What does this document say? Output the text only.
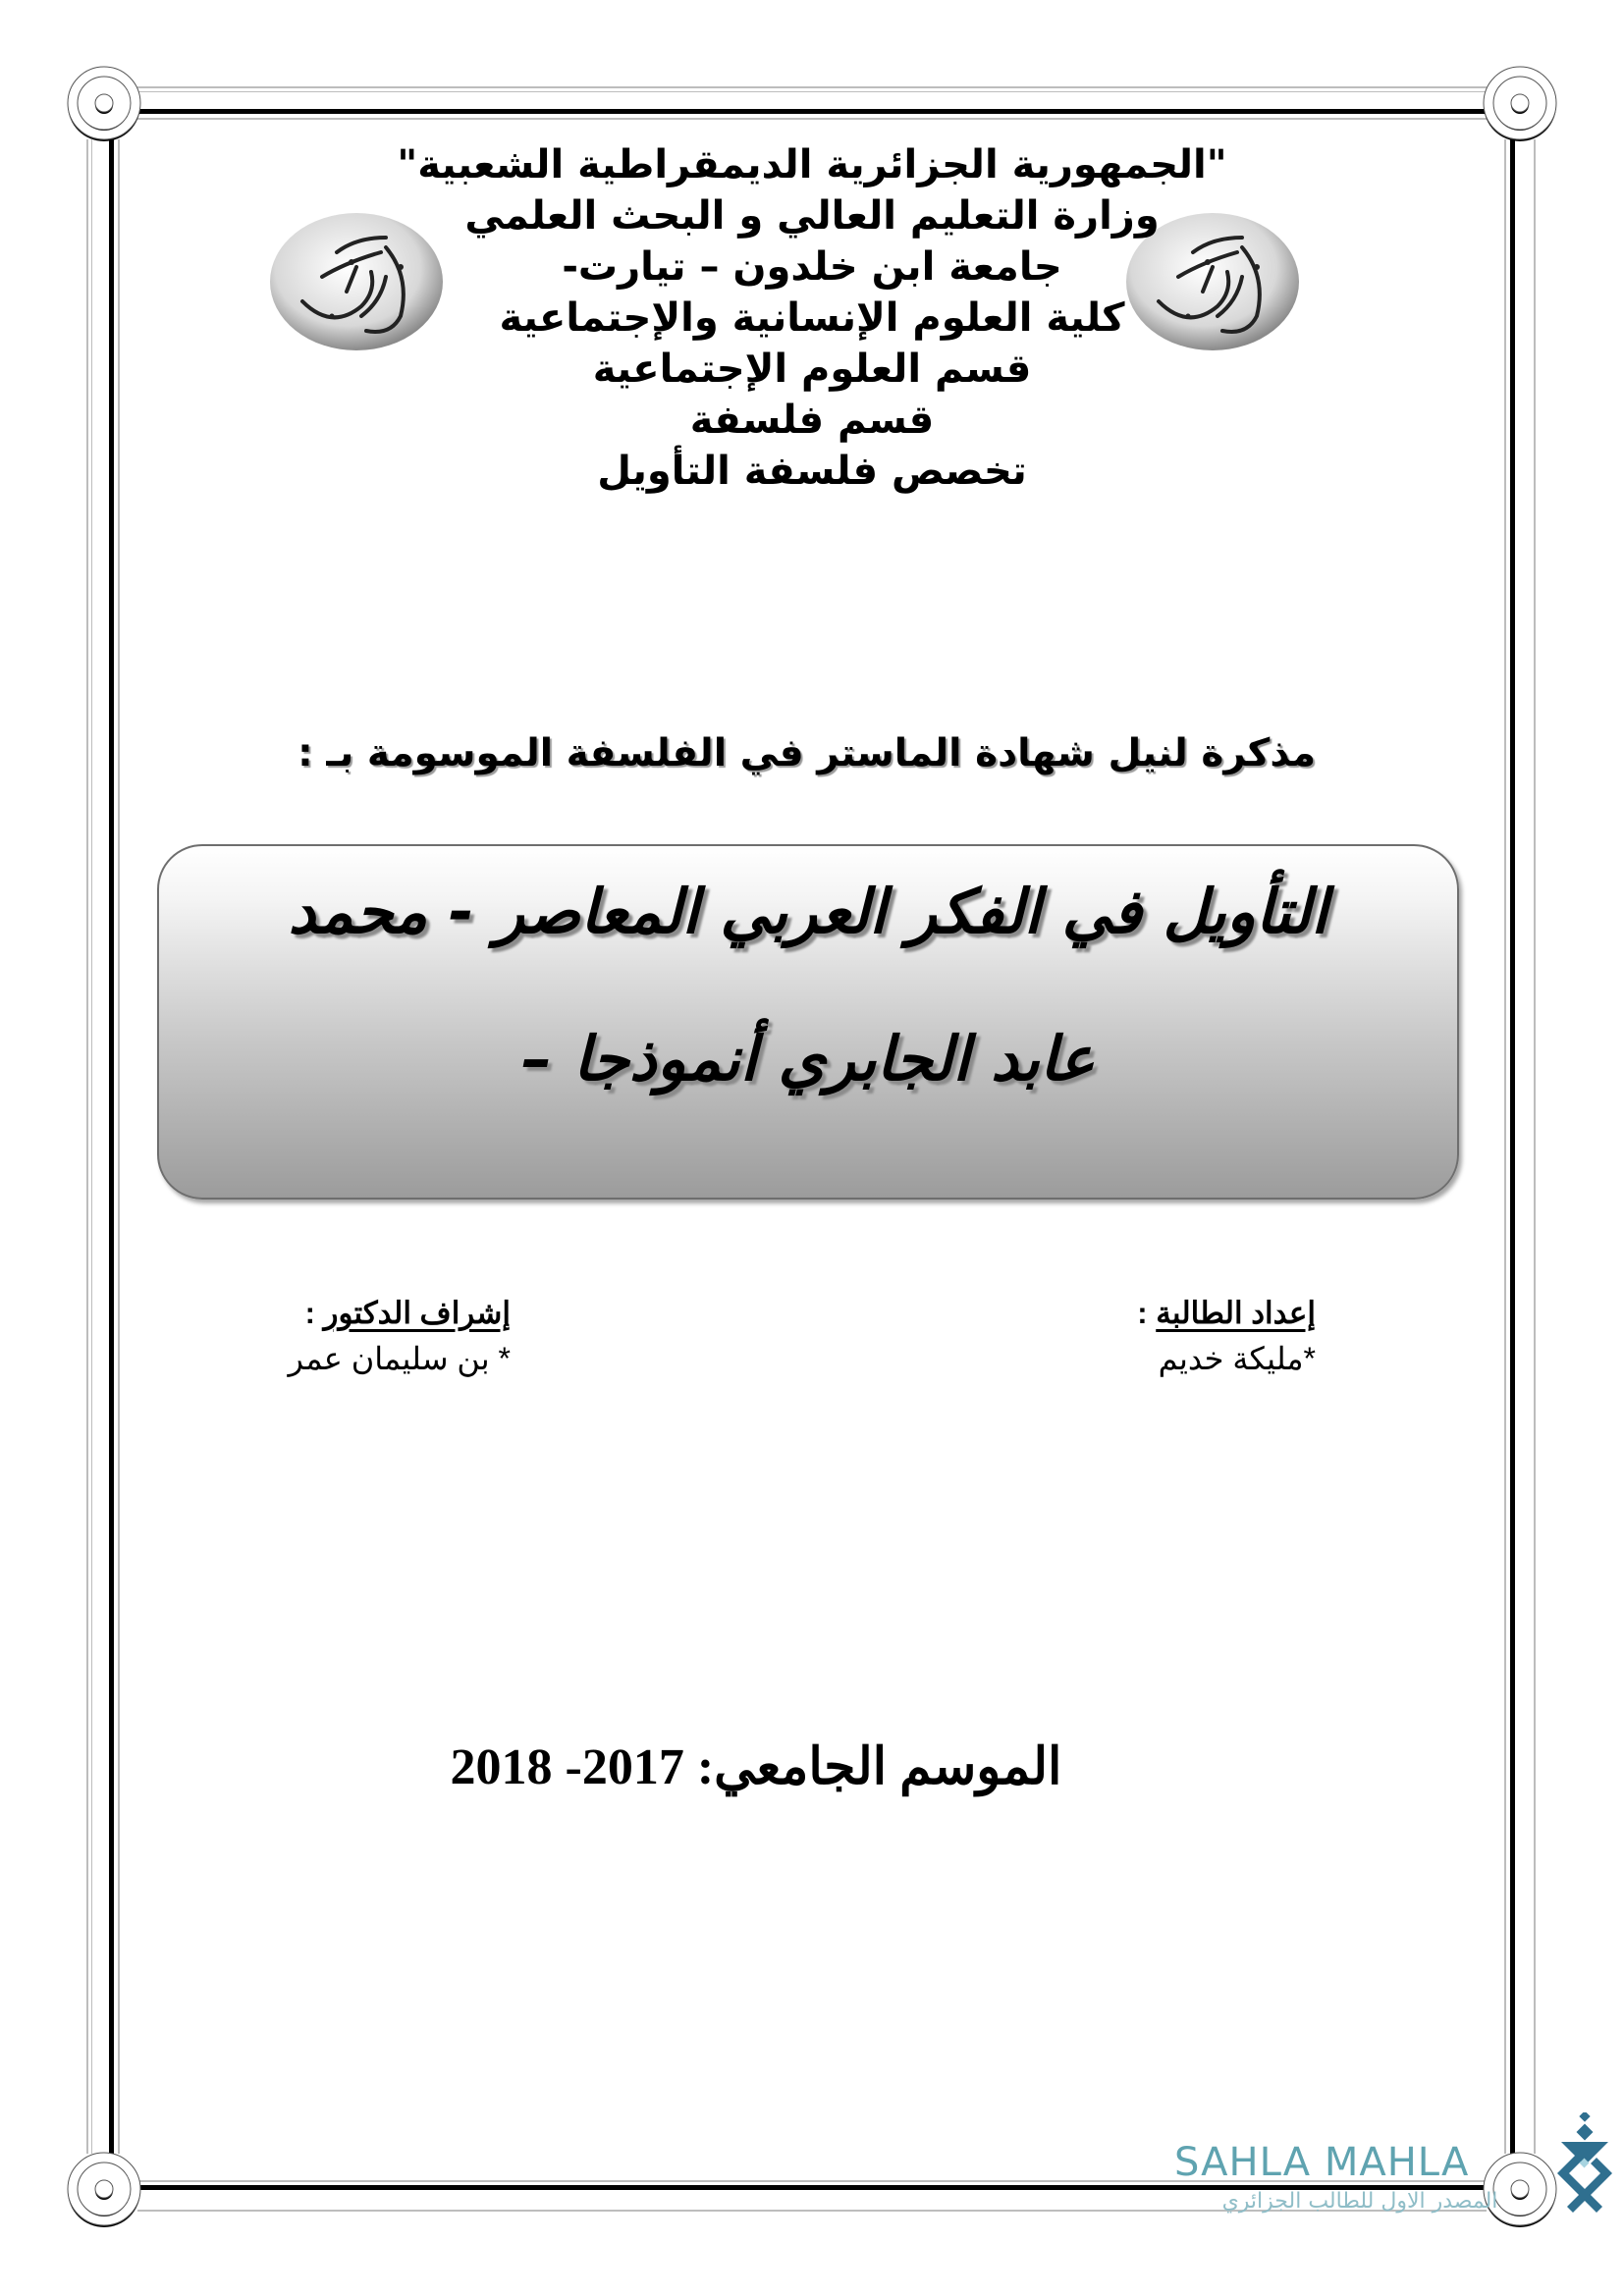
"الجمهورية الجزائرية الديمقراطية الشعبية"
وزارة التعليم العالي و البحث العلمي
جامعة ابن خلدون – تيارت-
كلية العلوم الإنسانية والإجتماعية
قسم العلوم الإجتماعية
قسم فلسفة
تخصص فلسفة التأويل
مذكرة لنيل شهادة الماستر في الفلسفة الموسومة بـ :
التأويل في الفكر العربي المعاصر - محمد
عابد الجابري أنموذجا –
إعداد الطالبة :
*مليكة خديم
إشراف الدكتور :
* بن سليمان عمر
الموسم الجامعي: 2017- 2018
SAHLA MAHLA
المصدر الاول للطالب الجزائري
